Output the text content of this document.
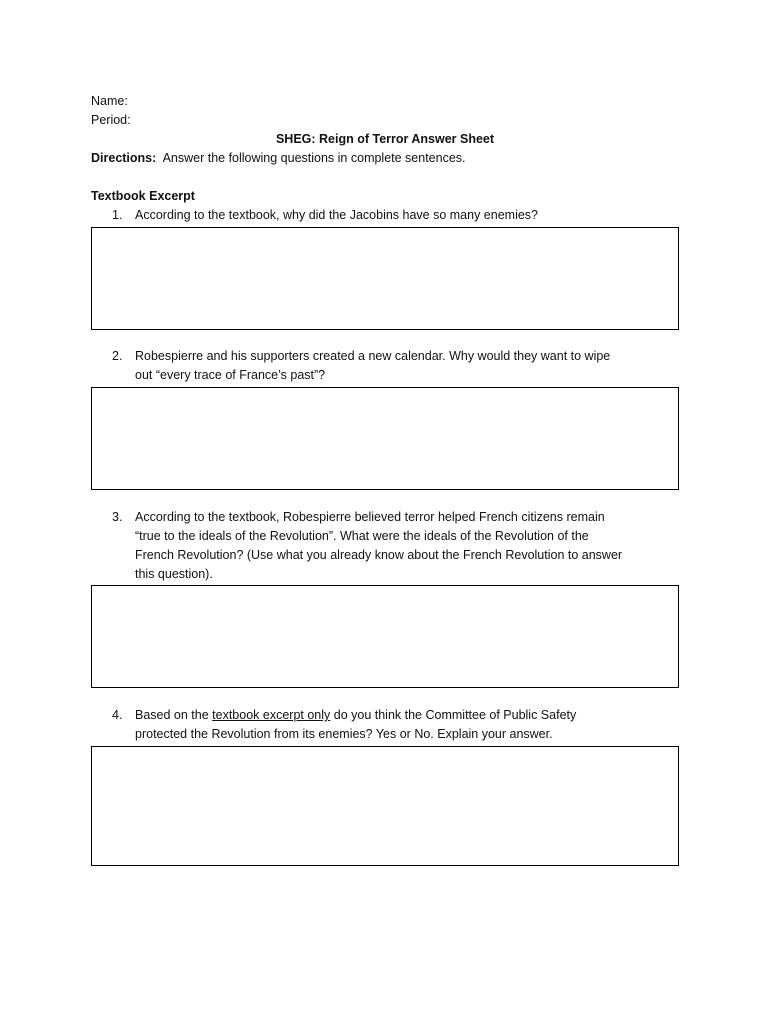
Name:

Period:

SHEG: Reign of Terror Answer Sheet

Directions: Answer the following questions in complete sentences.

Textbook Excerpt

1. According to the textbook, why did the Jacobins have so many enemies?

2. Robespierre and his supporters created a new calendar. Why would they want to wipe

out “every trace of France’s past”?

3. According to the textbook, Robespierre believed terror helped French citizens remain

“true to the ideals of the Revolution”. What were the ideals of the Revolution of the

French Revolution? (Use what you already know about the French Revolution to answer

this question).

4. Based on the textbook excerpt only do you think the Committee of Public Safety

protected the Revolution from its enemies? Yes or No. Explain your answer.
